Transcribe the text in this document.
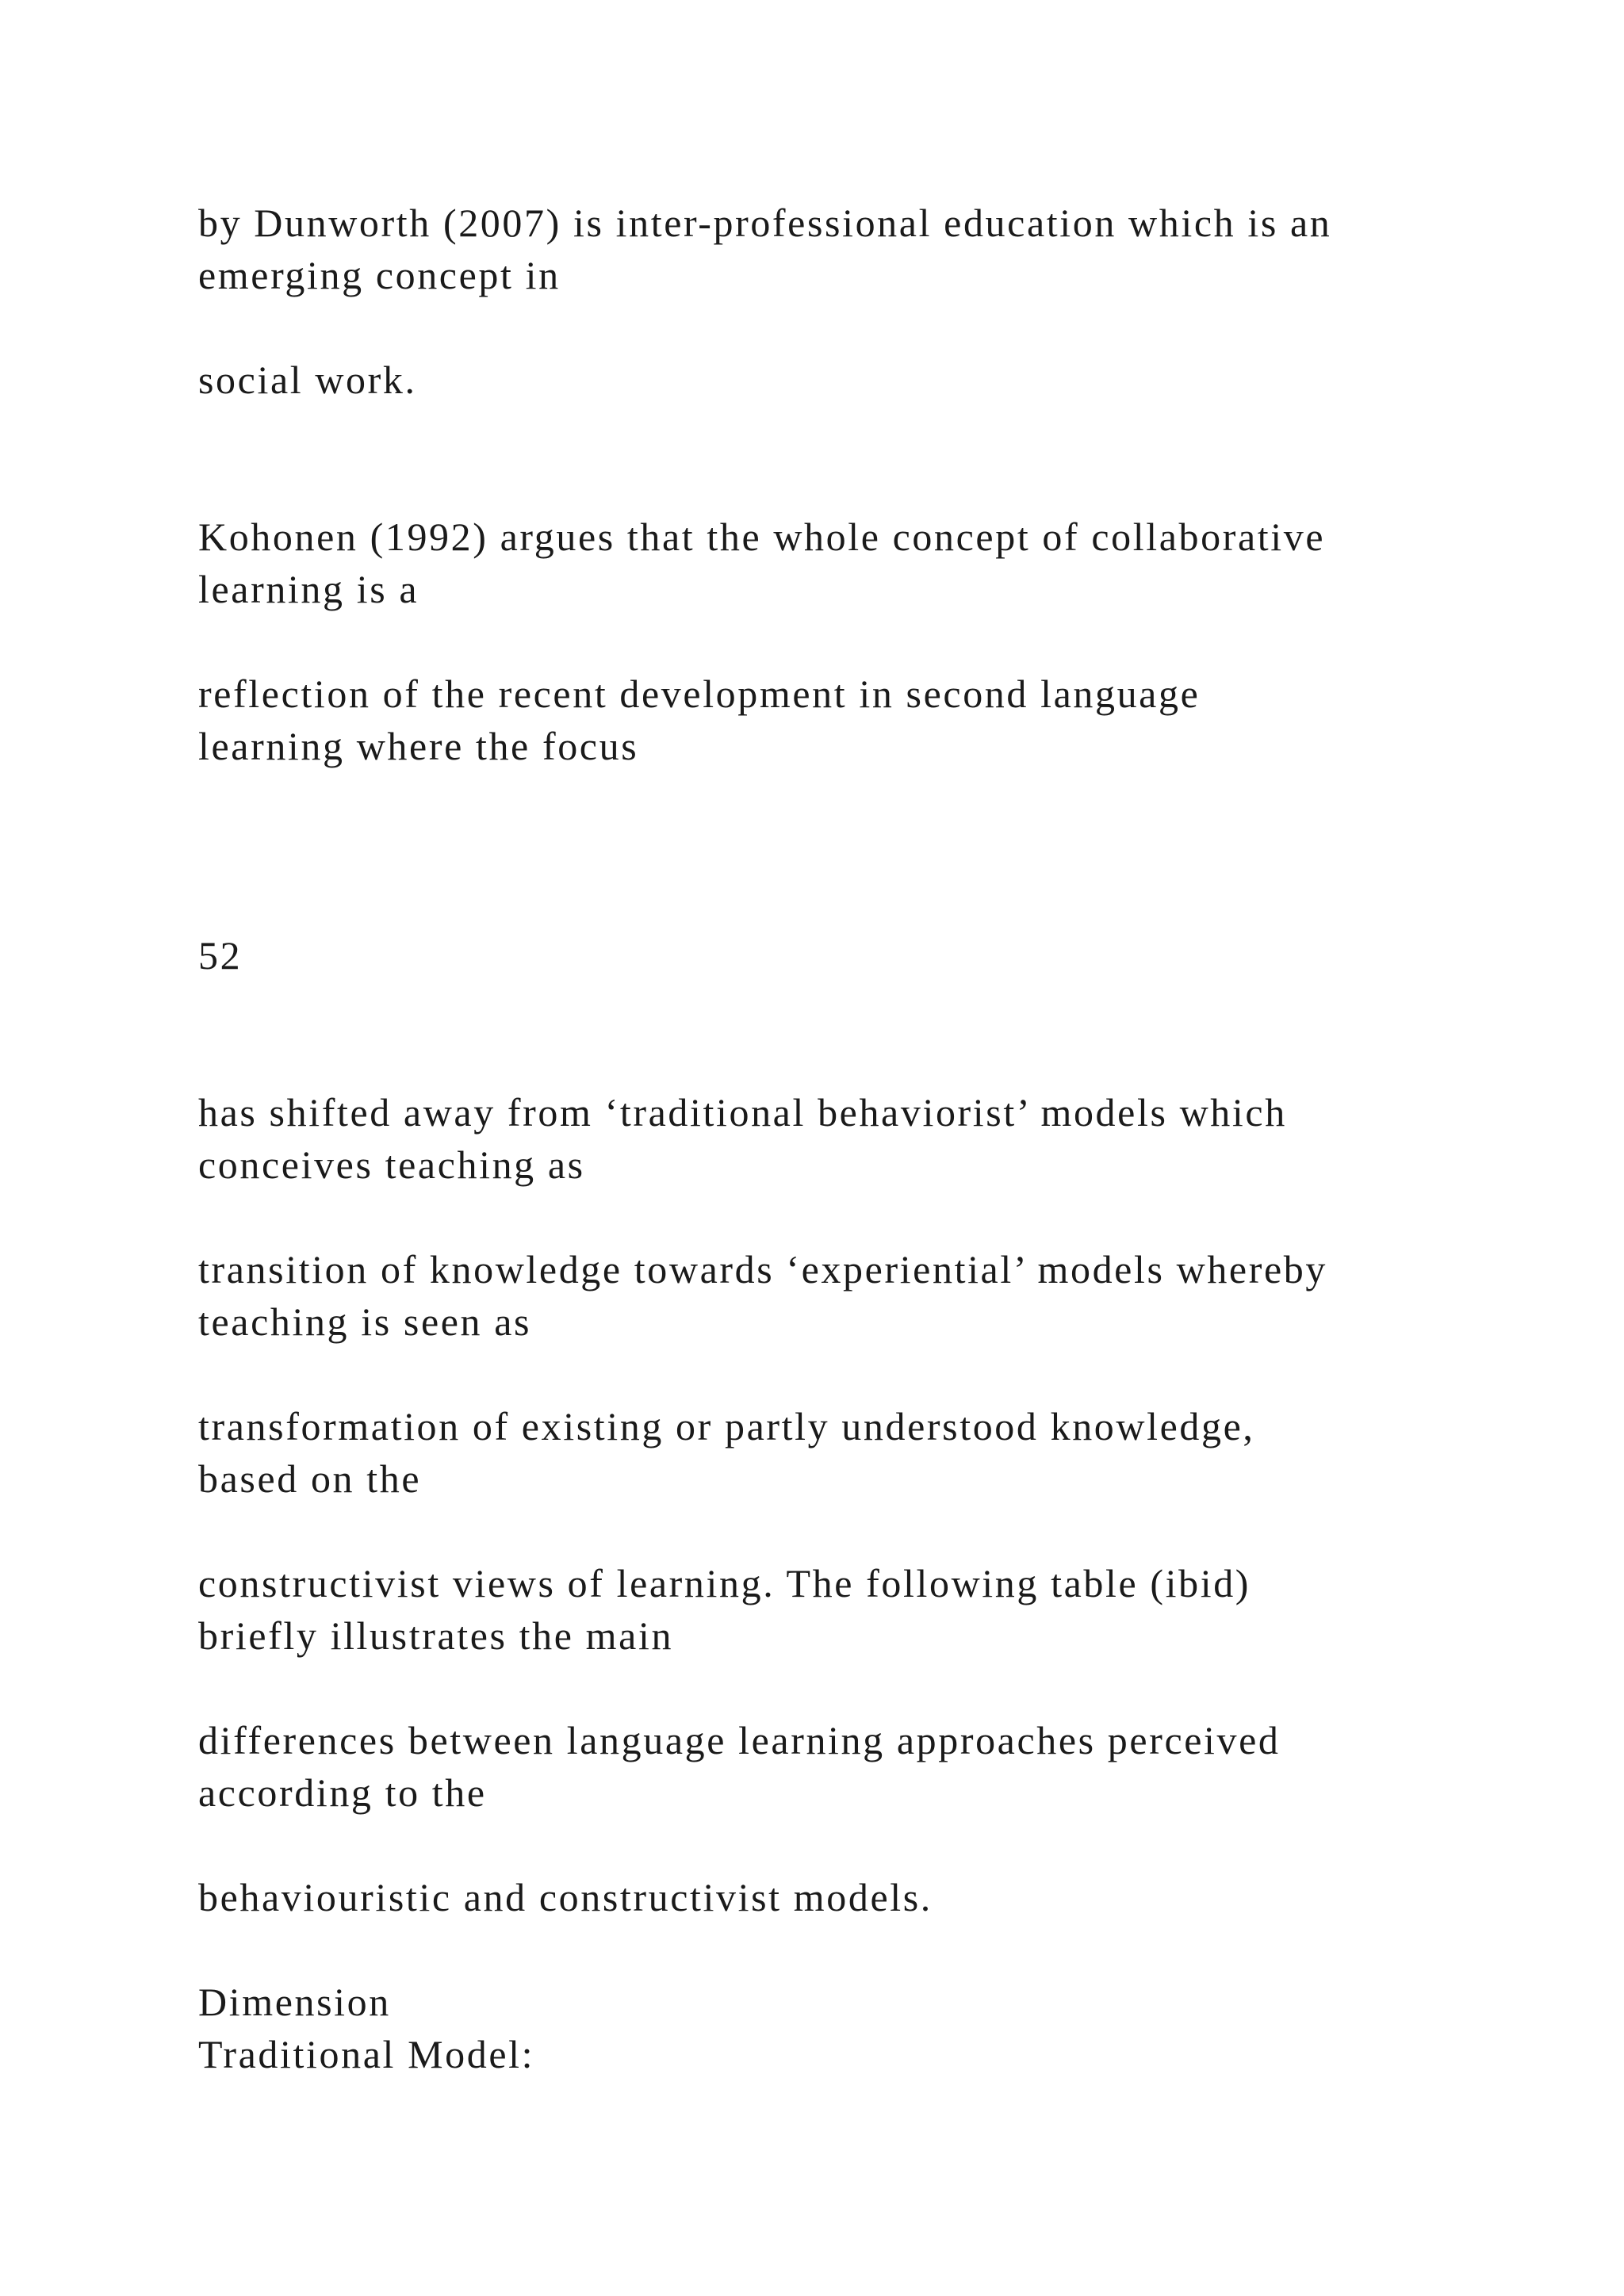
by Dunworth (2007) is inter-professional education which is an

emerging concept in

social work.

Kohonen (1992) argues that the whole concept of collaborative

learning is a

reflection of the recent development in second language

learning where the focus

52

has shifted away from ‘traditional behaviorist’ models which

conceives teaching as

transition of knowledge towards ‘experiential’ models whereby

teaching is seen as

transformation of existing or partly understood knowledge,

based on the

constructivist views of learning. The following table (ibid)

briefly illustrates the main

differences between language learning approaches perceived

according to the

behaviouristic and constructivist models.

Dimension

Traditional Model:
